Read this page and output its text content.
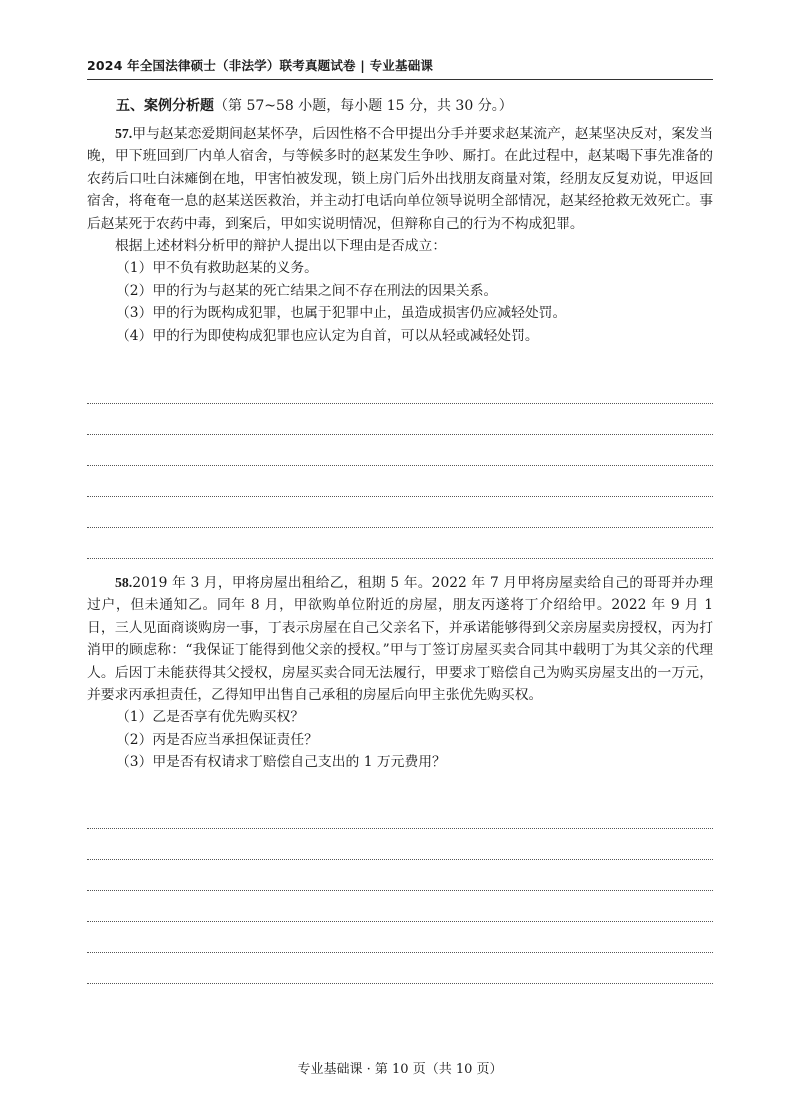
2024 年全国法律硕士（非法学）联考真题试卷 | 专业基础课
五、案例分析题（第 57~58 小题，每小题 15 分，共 30 分。）

57.甲与赵某恋爱期间赵某怀孕，后因性格不合甲提出分手并要求赵某流产，赵某坚决反对，案发当晚，甲下班回到厂内单人宿舍，与等候多时的赵某发生争吵、厮打。在此过程中，赵某喝下事先准备的农药后口吐白沫瘫倒在地，甲害怕被发现，锁上房门后外出找朋友商量对策，经朋友反复劝说，甲返回宿舍，将奄奄一息的赵某送医救治，并主动打电话向单位领导说明全部情况，赵某经抢救无效死亡。事后赵某死于农药中毒，到案后，甲如实说明情况，但辩称自己的行为不构成犯罪。

根据上述材料分析甲的辩护人提出以下理由是否成立：

（1）甲不负有救助赵某的义务。

（2）甲的行为与赵某的死亡结果之间不存在刑法的因果关系。

（3）甲的行为既构成犯罪，也属于犯罪中止，虽造成损害仍应减轻处罚。

（4）甲的行为即使构成犯罪也应认定为自首，可以从轻或减轻处罚。

58.2019 年 3 月，甲将房屋出租给乙，租期 5 年。2022 年 7 月甲将房屋卖给自己的哥哥并办理过户，但未通知乙。同年 8 月，甲欲购单位附近的房屋，朋友丙遂将丁介绍给甲。2022 年 9 月 1 日，三人见面商谈购房一事，丁表示房屋在自己父亲名下，并承诺能够得到父亲房屋卖房授权，丙为打消甲的顾虑称：“我保证丁能得到他父亲的授权。”甲与丁签订房屋买卖合同其中载明丁为其父亲的代理人。后因丁未能获得其父授权，房屋买卖合同无法履行，甲要求丁赔偿自己为购买房屋支出的一万元，并要求丙承担责任，乙得知甲出售自己承租的房屋后向甲主张优先购买权。

（1）乙是否享有优先购买权？

（2）丙是否应当承担保证责任？

（3）甲是否有权请求丁赔偿自己支出的 1 万元费用？

专业基础课 · 第 10 页（共 10 页）
